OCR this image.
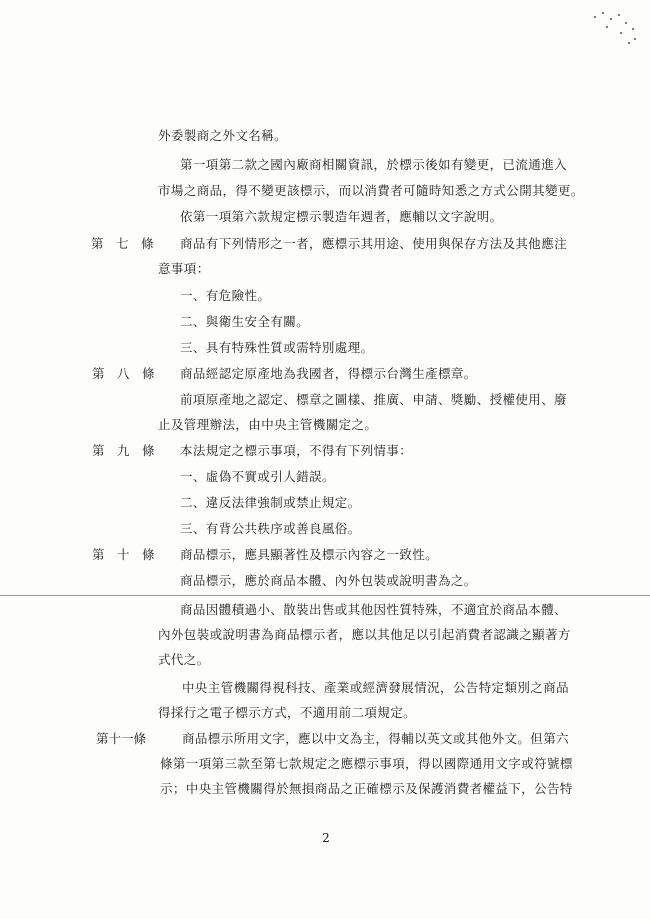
外委製商之外文名稱。
第一項第二款之國內廠商相關資訊，於標示後如有變更，已流通進入
市場之商品，得不變更該標示，而以消費者可隨時知悉之方式公開其變更。
依第一項第六款規定標示製造年週者，應輔以文字說明。
第　七　條 商品有下列情形之一者，應標示其用途、使用與保存方法及其他應注
意事項：
一、有危險性。
二、與衛生安全有關。
三、具有特殊性質或需特別處理。
第　八　條 商品經認定原產地為我國者，得標示台灣生產標章。
前項原產地之認定、標章之圖樣、推廣、申請、獎勵、授權使用、廢
止及管理辦法，由中央主管機關定之。
第　九　條 本法規定之標示事項，不得有下列情事：
一、虛偽不實或引人錯誤。
二、違反法律強制或禁止規定。
三、有背公共秩序或善良風俗。
第　十　條 商品標示，應具顯著性及標示內容之一致性。
商品標示，應於商品本體、內外包裝或說明書為之。
商品因體積過小、散裝出售或其他因性質特殊，不適宜於商品本體、
內外包裝或說明書為商品標示者，應以其他足以引起消費者認識之顯著方
式代之。
中央主管機關得視科技、產業或經濟發展情況，公告特定類別之商品
得採行之電子標示方式，不適用前二項規定。
第十一條	商品標示所用文字，應以中文為主，得輔以英文或其他外文。但第六
條第一項第三款至第七款規定之應標示事項，得以國際通用文字或符號標
示；中央主管機關得於無損商品之正確標示及保護消費者權益下，公告特
2
